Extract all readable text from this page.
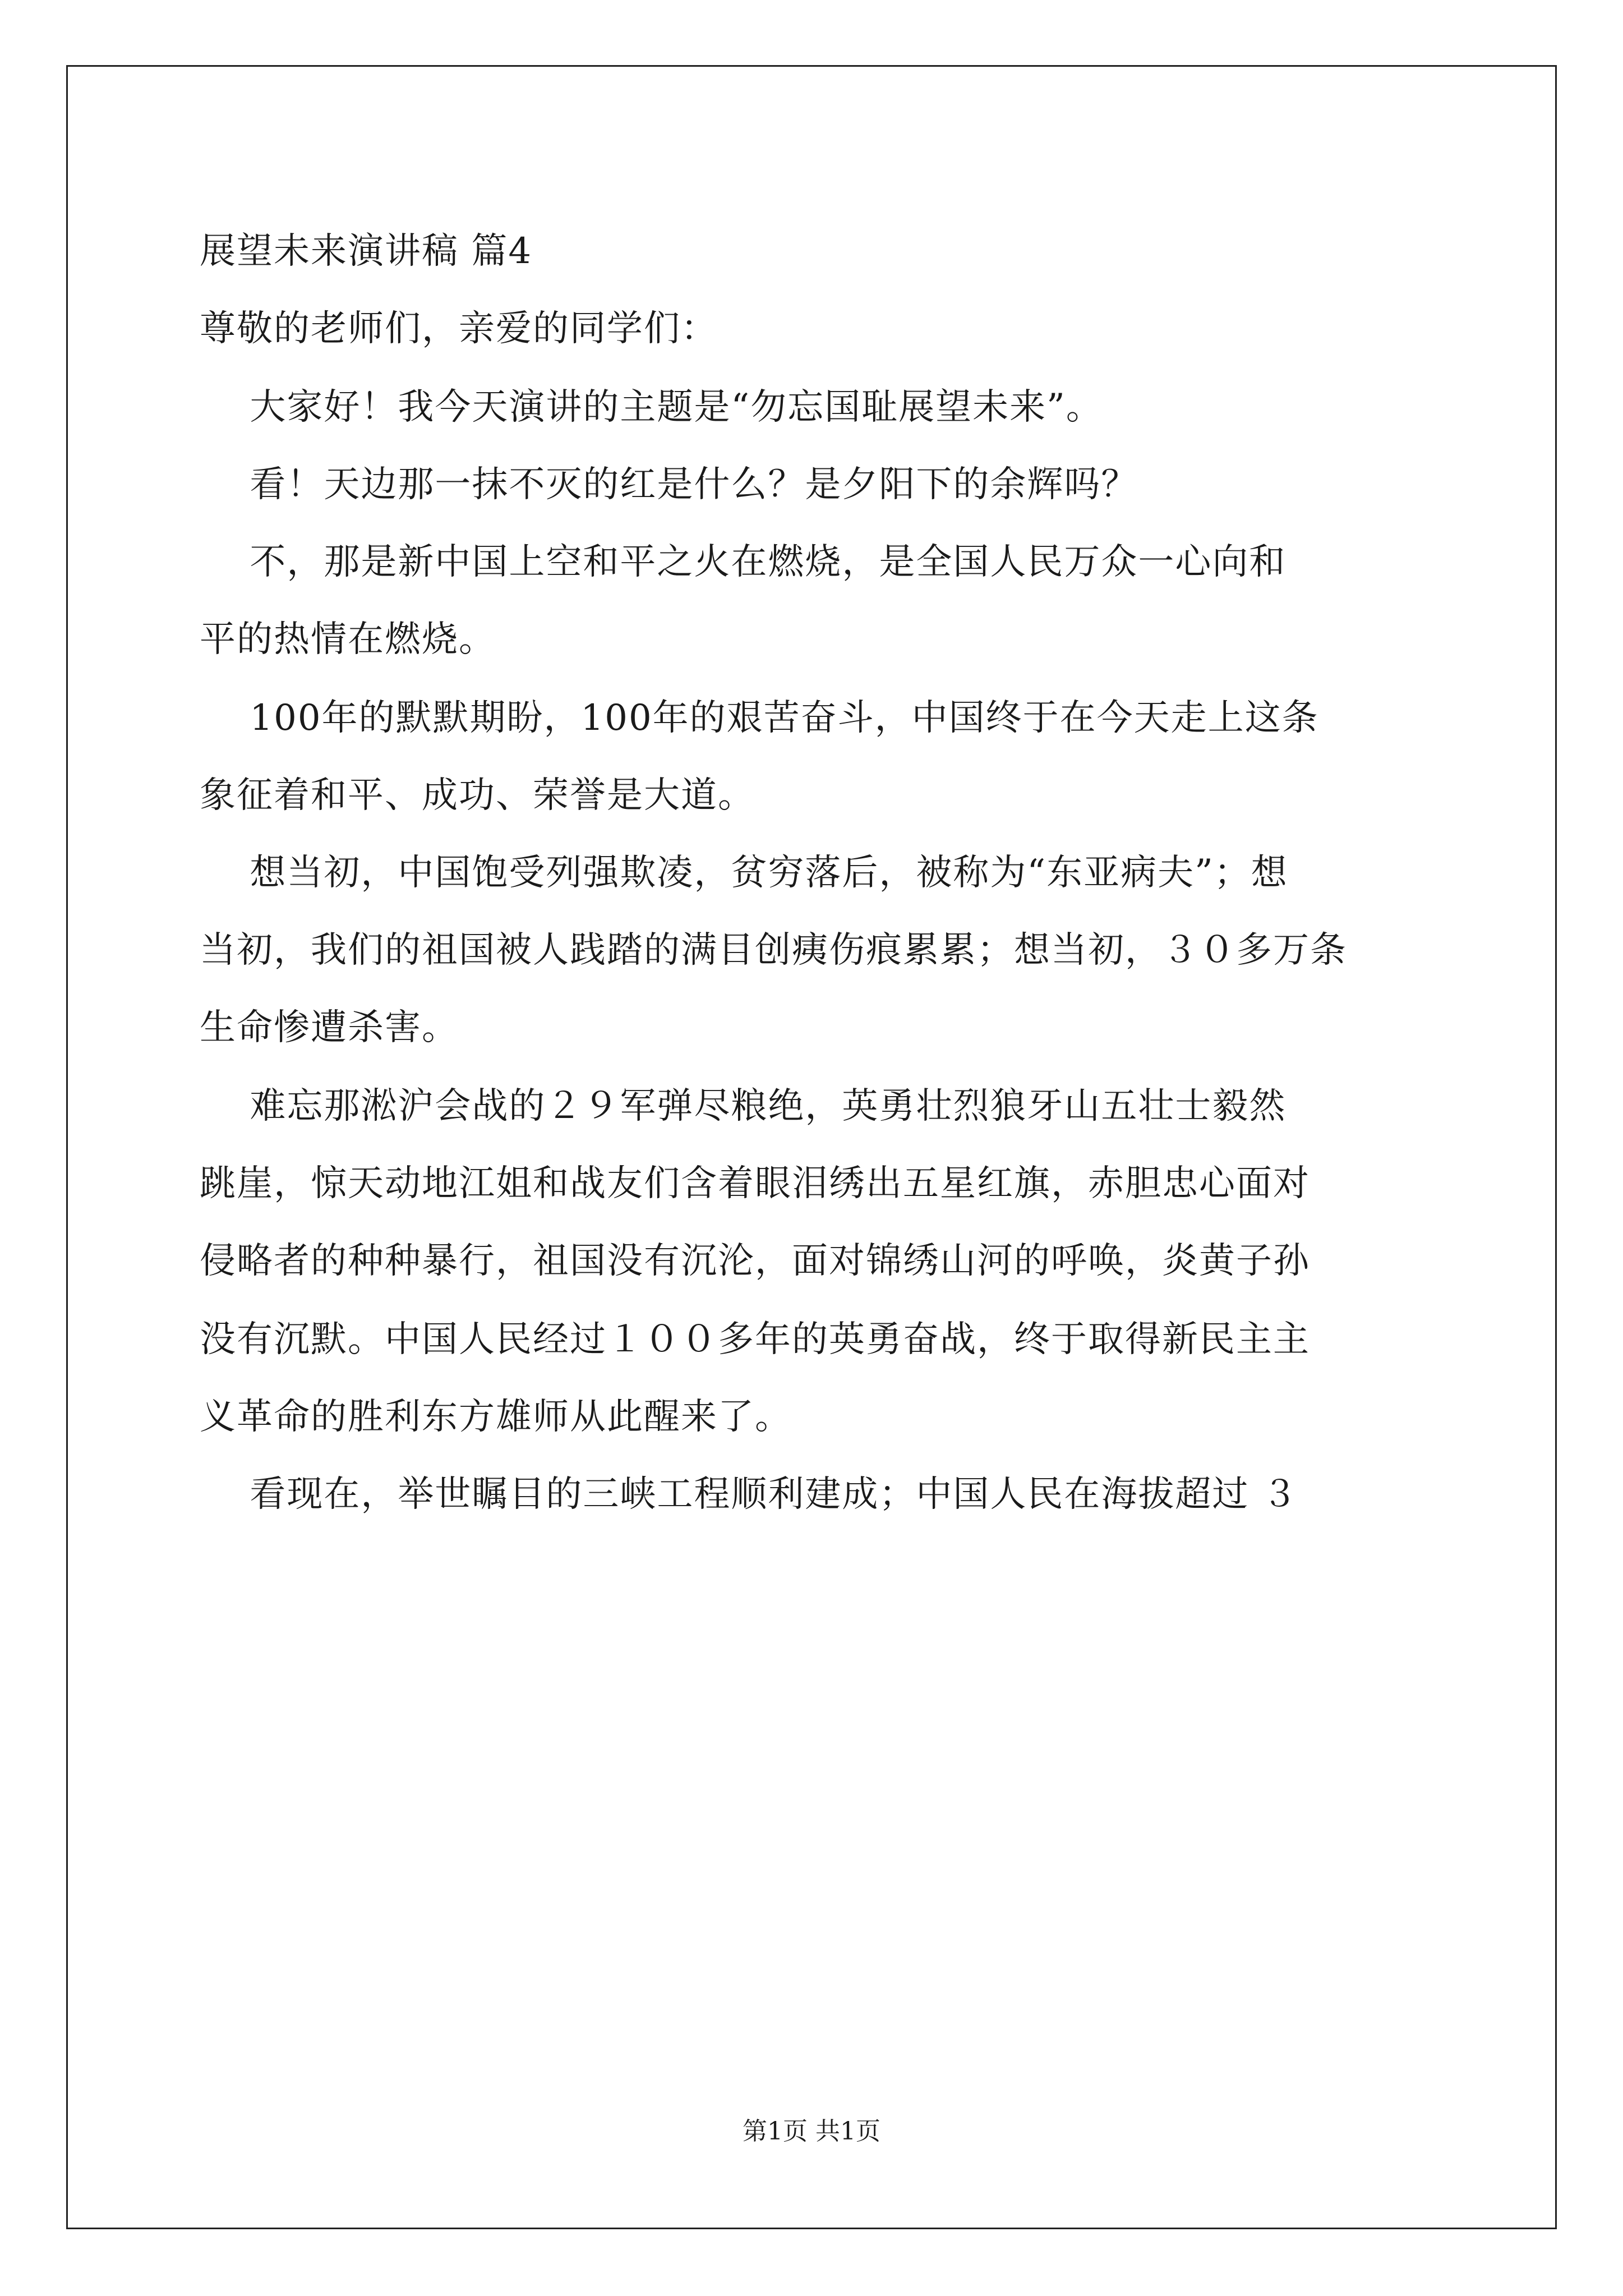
展望未来演讲稿 篇4

尊敬的老师们，亲爱的同学们：

大家好！我今天演讲的主题是“勿忘国耻展望未来”。

看！天边那一抹不灭的红是什么？是夕阳下的余辉吗？

不，那是新中国上空和平之火在燃烧，是全国人民万众一心向和

平的热情在燃烧。

100年的默默期盼，100年的艰苦奋斗，中国终于在今天走上这条

象征着和平、成功、荣誉是大道。

想当初，中国饱受列强欺凌，贫穷落后，被称为“东亚病夫”；想

当初，我们的祖国被人践踏的满目创痍伤痕累累；想当初，３０多万条

生命惨遭杀害。

难忘那淞沪会战的２９军弹尽粮绝，英勇壮烈狼牙山五壮士毅然

跳崖，惊天动地江姐和战友们含着眼泪绣出五星红旗，赤胆忠心面对

侵略者的种种暴行，祖国没有沉沦，面对锦绣山河的呼唤，炎黄子孙

没有沉默。中国人民经过１００多年的英勇奋战，终于取得新民主主

义革命的胜利东方雄师从此醒来了。

看现在，举世瞩目的三峡工程顺利建成；中国人民在海拔超过 ３

第1页 共1页
